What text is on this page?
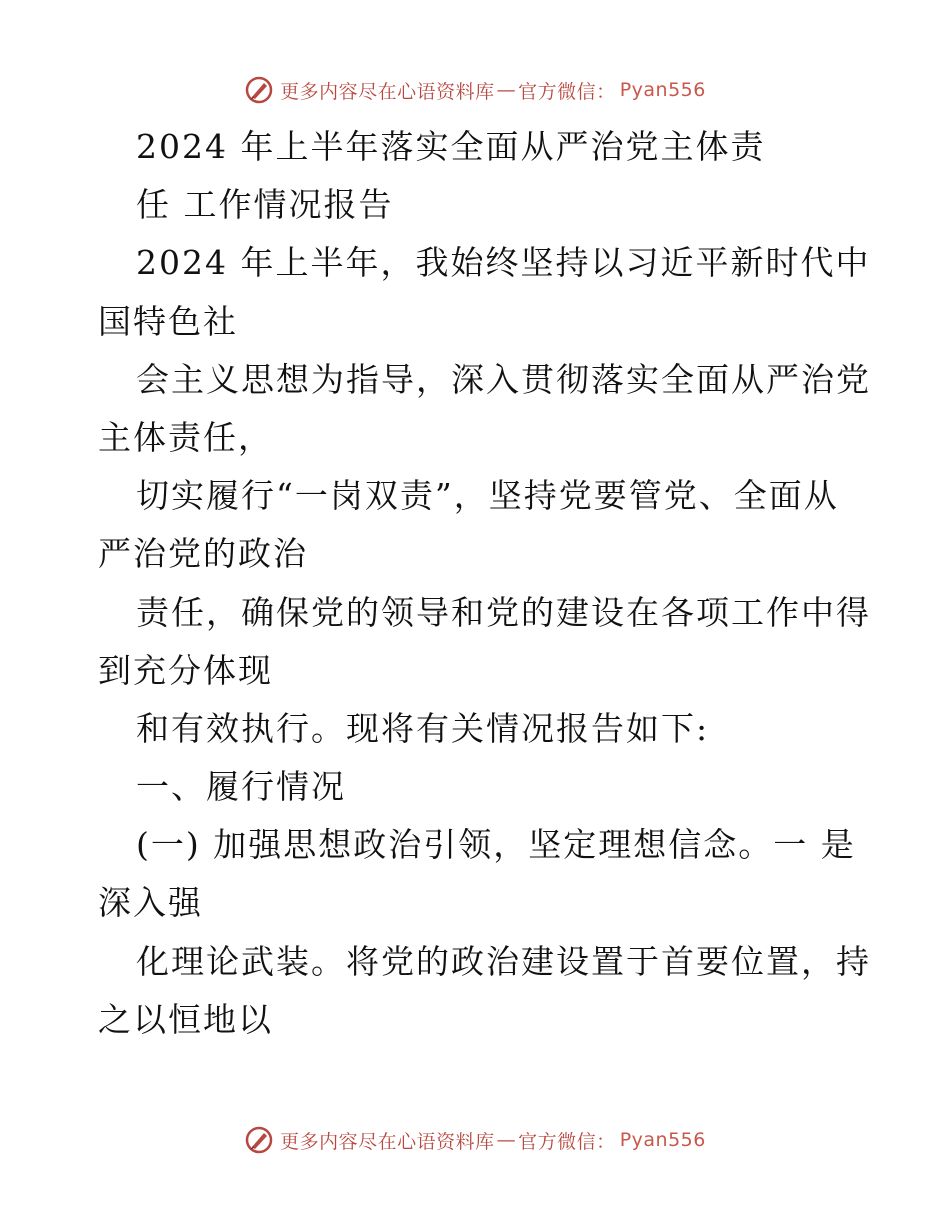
更多内容尽在心语资料库 — 官方微信： Pyan556
2024 年上半年落实全面从严治党主体责
任 工作情况报告
2024 年上半年，我始终坚持以习近平新时代中
国特色社
会主义思想为指导，深入贯彻落实全面从严治党
主体责任，
切实履行“一岗双责”，坚持党要管党、全面从
严治党的政治
责任，确保党的领导和党的建设在各项工作中得
到充分体现
和有效执行。现将有关情况报告如下:
一、履行情况
(一) 加强思想政治引领，坚定理想信念。一 是
深入强
化理论武装。将党的政治建设置于首要位置，持
之以恒地以
更多内容尽在心语资料库 — 官方微信： Pyan556
